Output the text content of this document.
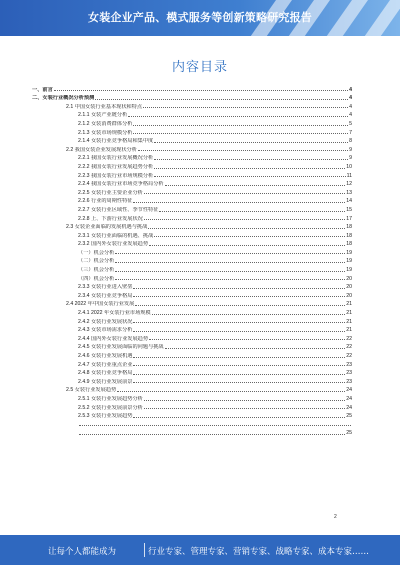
女装企业产品、模式服务等创新策略研究报告
内容目录
一、前言	4
二、女装行业概况分析预测	4
2.1 中国女装行业基本现状和特点	4
2.1.1 女装产业链分析	4
2.1.2 女装消费群体分析	5
2.1.3 女装市场规模分析	7
2.1.4 女装行业竞争格局和集中度	8
2.2 我国女装企业发展现状分析	9
2.2.1 我国女装行业发展概况分析	9
2.2.2 我国女装行业发展趋势分析	10
2.2.3 我国女装行业市场规模分析	11
2.2.4 我国女装行业市场竞争格局分析	12
2.2.5 女装行业主要企业分析	13
2.2.6 行业的周期性特征	14
2.2.7 女装行业区域性、季节性特征	15
2.2.8 上、下游行业发展状况	17
2.3 女装企业面临的发展机遇与挑战	18
2.3.1 女装行业面临的机遇、挑战	18
2.3.2 国内外女装行业发展趋势	18
（一）机会分析	19
（二）机会分析	19
（三）机会分析	19
（四）机会分析	20
2.3.3 女装行业进入壁垒	20
2.3.4 女装行业竞争格局	20
2.4 2022 年中国女装行业发展	21
2.4.1 2022 年女装行业市场规模	21
2.4.2 女装行业发展状况	21
2.4.3 女装市场需求分析	21
2.4.4 国内外女装行业发展趋势	22
2.4.5 女装行业发展面临的问题与挑战	22
2.4.6 女装行业发展机遇	22
2.4.7 女装行业重点企业	23
2.4.8 女装行业竞争格局	23
2.4.9 女装行业发展前景	23
2.5 女装行业发展趋势	24
2.5.1 女装行业发展趋势分析	24
2.5.2 女装行业发展前景分析	24
2.5.3 女装行业发展趋势	25
25
2
让每个人都能成为	行业专家、管理专家、营销专家、战略专家、成本专家……
